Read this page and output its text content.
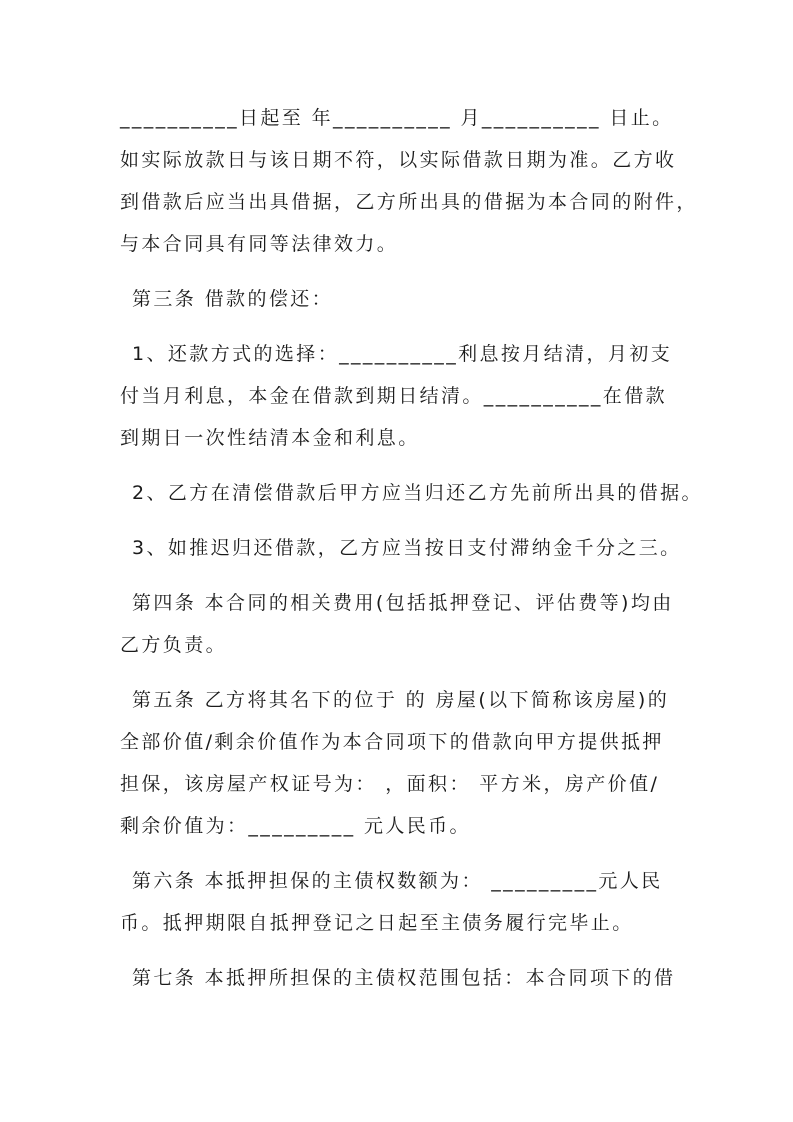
__________日起至 年__________ 月__________ 日止。
如实际放款日与该日期不符，以实际借款日期为准。乙方收
到借款后应当出具借据，乙方所出具的借据为本合同的附件，
与本合同具有同等法律效力。
第三条 借款的偿还：
1、还款方式的选择：__________利息按月结清，月初支
付当月利息，本金在借款到期日结清。__________在借款
到期日一次性结清本金和利息。
2、乙方在清偿借款后甲方应当归还乙方先前所出具的借据。
3、如推迟归还借款，乙方应当按日支付滞纳金千分之三。
第四条 本合同的相关费用(包括抵押登记、评估费等)均由
乙方负责。
第五条 乙方将其名下的位于 的 房屋(以下简称该房屋)的
全部价值/剩余价值作为本合同项下的借款向甲方提供抵押
担保，该房屋产权证号为： ，面积： 平方米，房产价值/
剩余价值为：_________ 元人民币。
第六条 本抵押担保的主债权数额为： _________元人民
币。抵押期限自抵押登记之日起至主债务履行完毕止。
第七条 本抵押所担保的主债权范围包括：本合同项下的借
